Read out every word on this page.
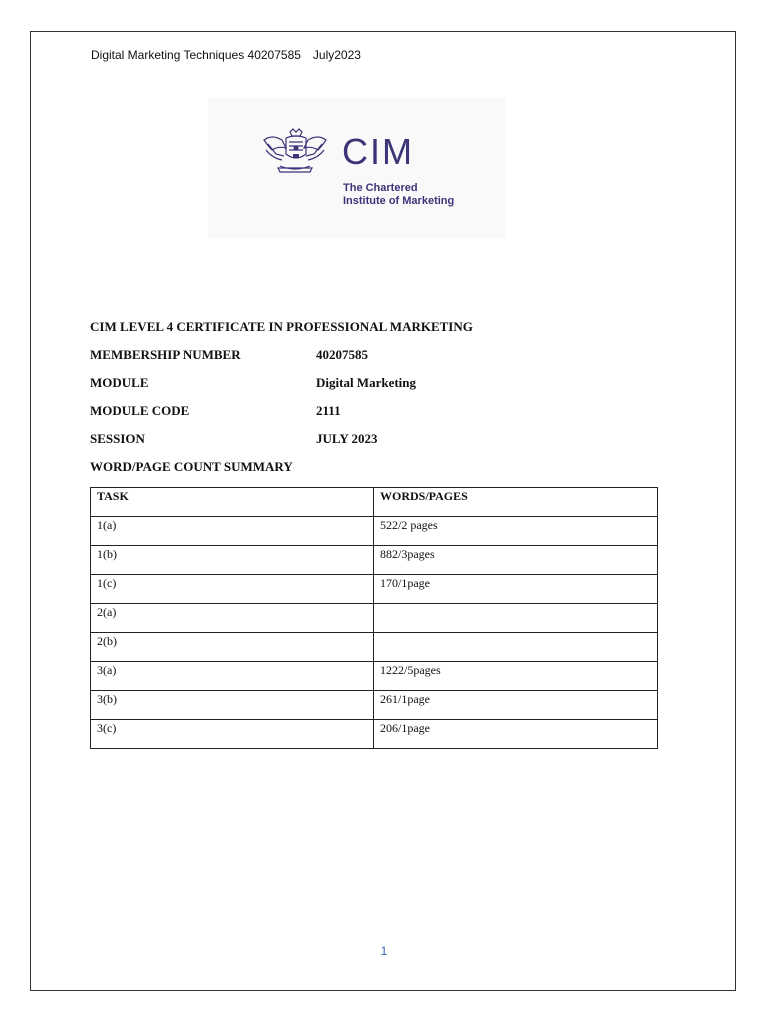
Digital Marketing Techniques 40207585 July2023
CIM
The Chartered
Institute of Marketing
CIM LEVEL 4 CERTIFICATE IN PROFESSIONAL MARKETING
MEMBERSHIP NUMBER	40207585
MODULE	Digital Marketing
MODULE CODE	2111
SESSION	JULY 2023
WORD/PAGE COUNT SUMMARY
TASK	WORDS/PAGES
1(a)	522/2 pages
1(b)	882/3pages
1(c)	170/1page
2(a)	
2(b)	
3(a)	1222/5pages
3(b)	261/1page
3(c)	206/1page
1
